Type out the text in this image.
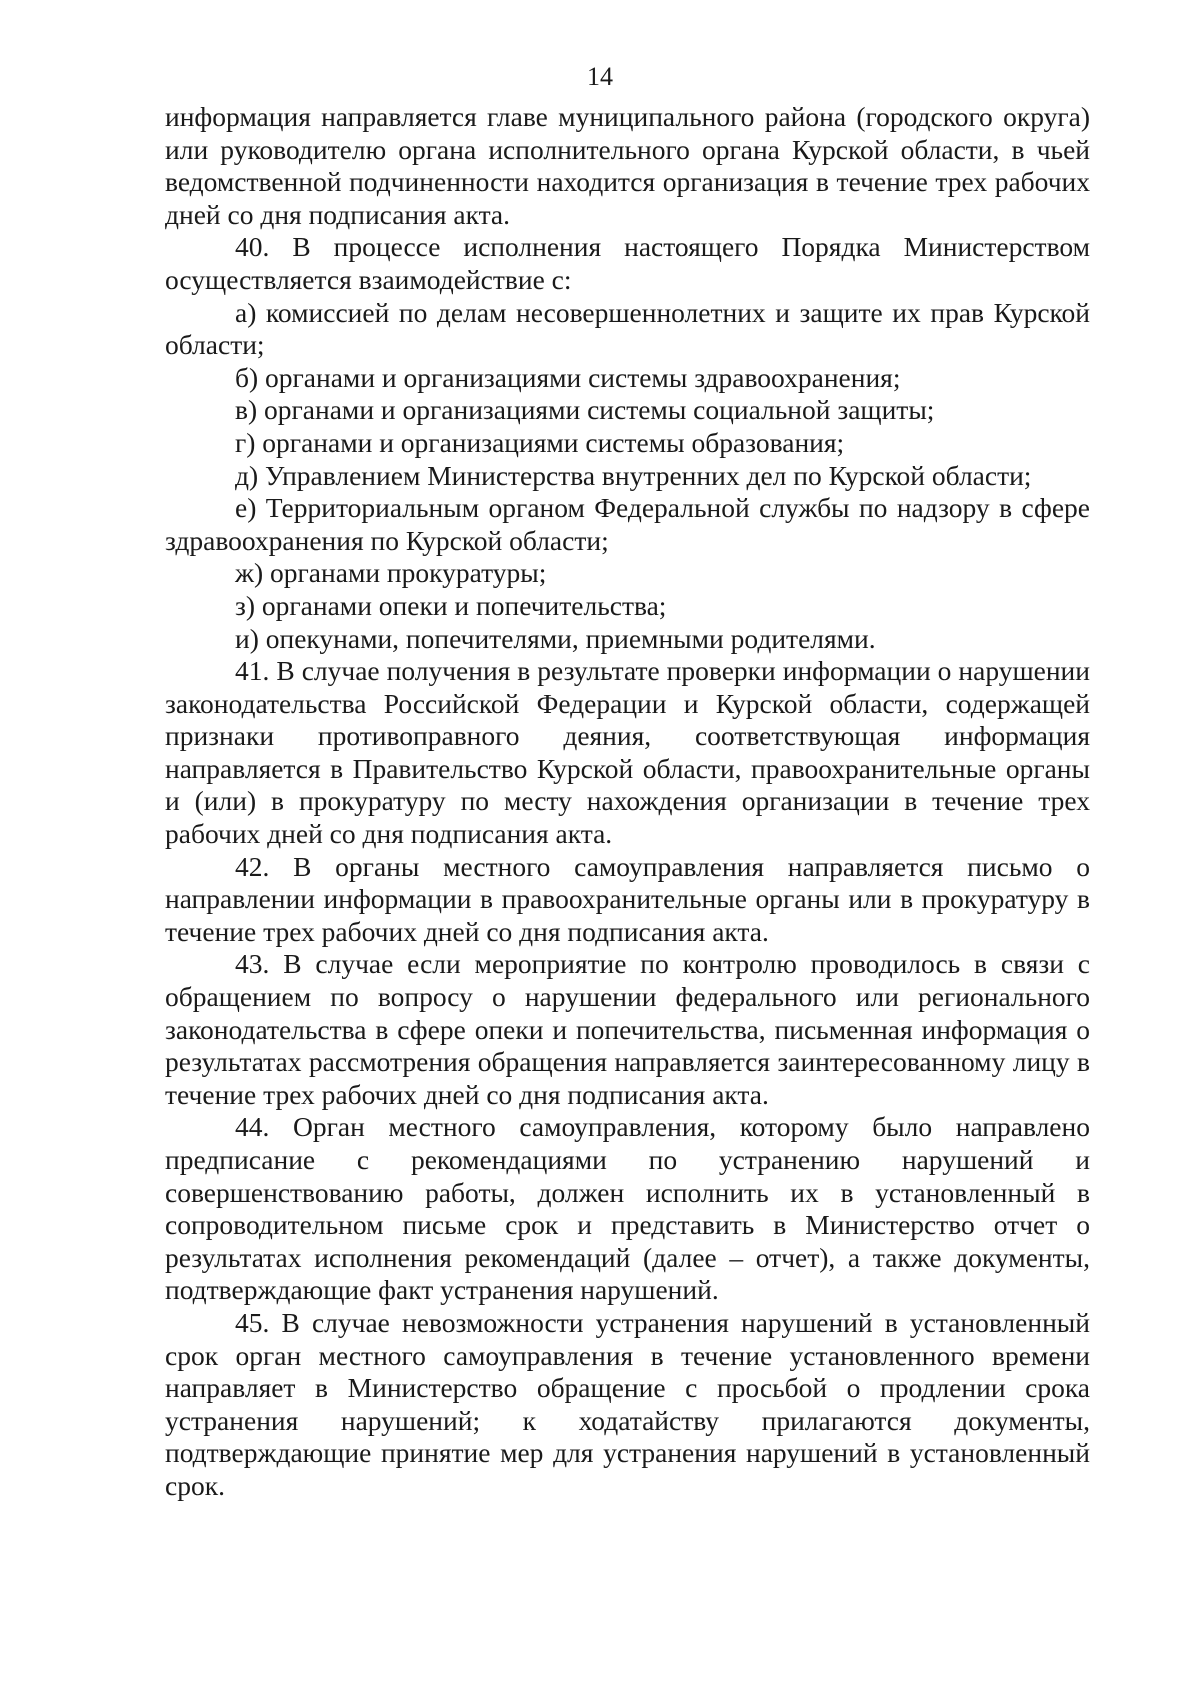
14

информация направляется главе муниципального района (городского округа) или руководителю органа исполнительного органа Курской области, в чьей ведомственной подчиненности находится организация в течение трех рабочих дней со дня подписания акта.

40. В процессе исполнения настоящего Порядка Министерством осуществляется взаимодействие с:

а) комиссией по делам несовершеннолетних и защите их прав Курской области;

б) органами и организациями системы здравоохранения;

в) органами и организациями системы социальной защиты;

г) органами и организациями системы образования;

д) Управлением Министерства внутренних дел по Курской области;

е) Территориальным органом Федеральной службы по надзору в сфере здравоохранения по Курской области;

ж) органами прокуратуры;

з) органами опеки и попечительства;

и) опекунами, попечителями, приемными родителями.

41. В случае получения в результате проверки информации о нарушении законодательства Российской Федерации и Курской области, содержащей признаки противоправного деяния, соответствующая информация направляется в Правительство Курской области, правоохранительные органы и (или) в прокуратуру по месту нахождения организации в течение трех рабочих дней со дня подписания акта.

42. В органы местного самоуправления направляется письмо о направлении информации в правоохранительные органы или в прокуратуру в течение трех рабочих дней со дня подписания акта.

43. В случае если мероприятие по контролю проводилось в связи с обращением по вопросу о нарушении федерального или регионального законодательства в сфере опеки и попечительства, письменная информация о результатах рассмотрения обращения направляется заинтересованному лицу в течение трех рабочих дней со дня подписания акта.

44. Орган местного самоуправления, которому было направлено предписание с рекомендациями по устранению нарушений и совершенствованию работы, должен исполнить их в установленный в сопроводительном письме срок и представить в Министерство отчет о результатах исполнения рекомендаций (далее – отчет), а также документы, подтверждающие факт устранения нарушений.

45. В случае невозможности устранения нарушений в установленный срок орган местного самоуправления в течение установленного времени направляет в Министерство обращение с просьбой о продлении срока устранения нарушений; к ходатайству прилагаются документы, подтверждающие принятие мер для устранения нарушений в установленный срок.
